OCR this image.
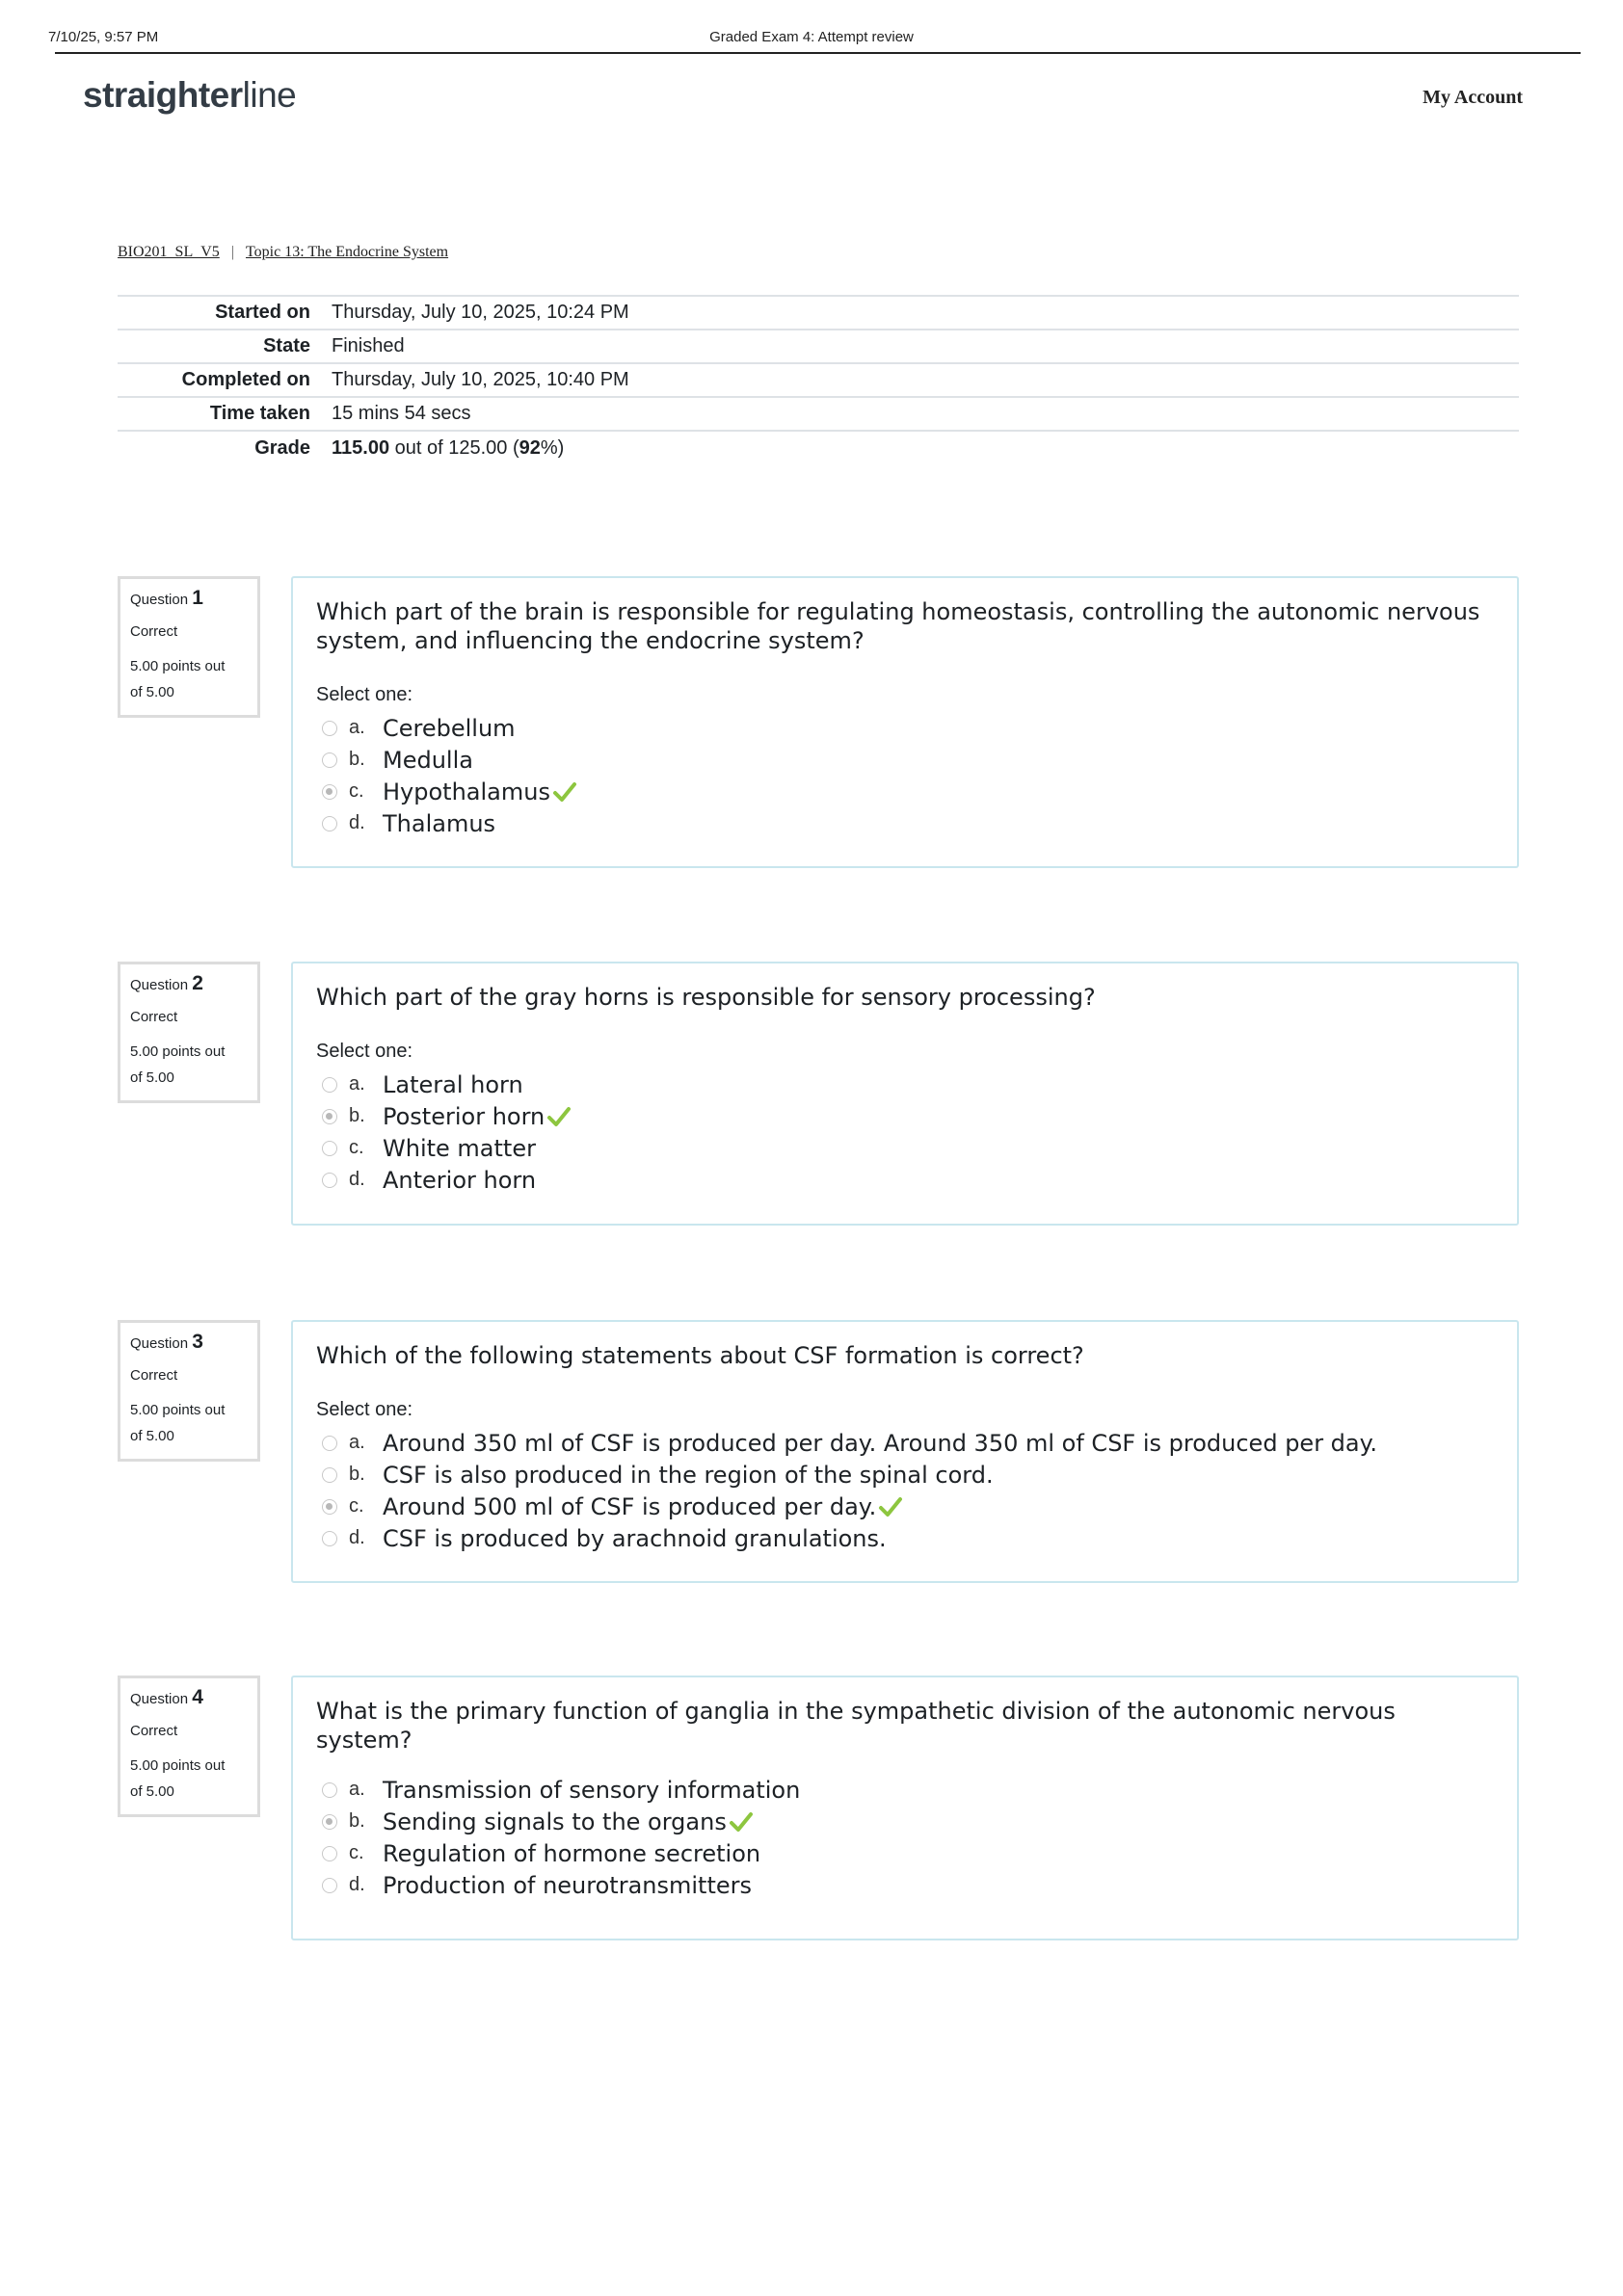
7/10/25, 9:57 PM	Graded Exam 4: Attempt review
straighterline	My Account
BIO201_SL_V5 | Topic 13: The Endocrine System
Started on	Thursday, July 10, 2025, 10:24 PM
State	Finished
Completed on	Thursday, July 10, 2025, 10:40 PM
Time taken	15 mins 54 secs
Grade	115.00 out of 125.00 (92%)
Question 1
Correct
5.00 points out
of 5.00

Which part of the brain is responsible for regulating homeostasis, controlling the autonomic nervous system, and influencing the endocrine system?

Select one:
a. Cerebellum
b. Medulla
c. Hypothalamus
d. Thalamus
Question 2
Correct
5.00 points out
of 5.00

Which part of the gray horns is responsible for sensory processing?

Select one:
a. Lateral horn
b. Posterior horn
c. White matter
d. Anterior horn
Question 3
Correct
5.00 points out
of 5.00

Which of the following statements about CSF formation is correct?

Select one:
a. Around 350 ml of CSF is produced per day. Around 350 ml of CSF is produced per day.
b. CSF is also produced in the region of the spinal cord.
c. Around 500 ml of CSF is produced per day.
d. CSF is produced by arachnoid granulations.
Question 4
Correct
5.00 points out
of 5.00

What is the primary function of ganglia in the sympathetic division of the autonomic nervous system?

a. Transmission of sensory information
b. Sending signals to the organs
c. Regulation of hormone secretion
d. Production of neurotransmitters
